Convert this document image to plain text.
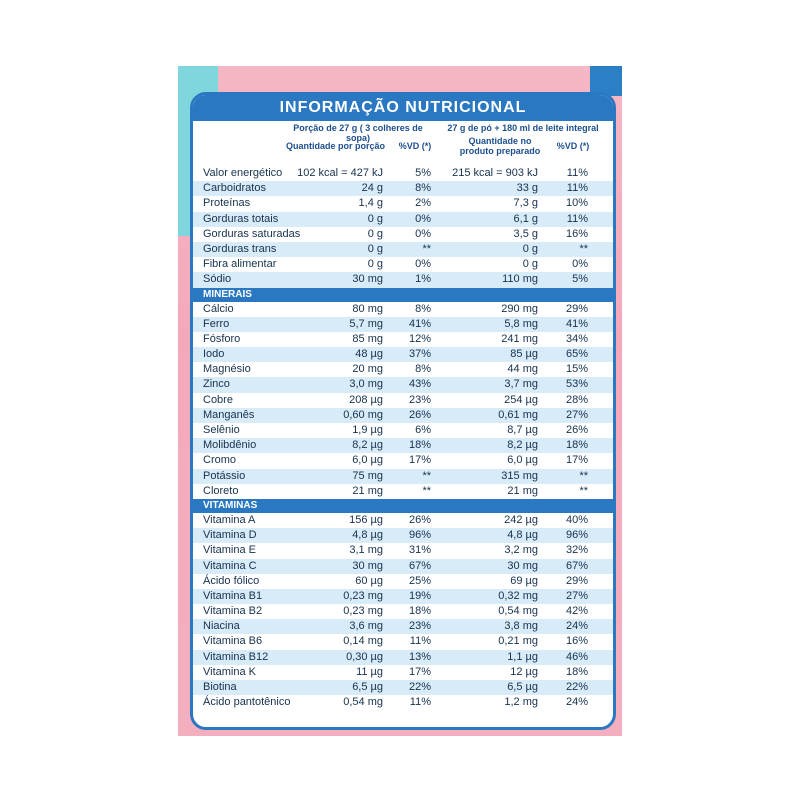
INFORMAÇÃO NUTRICIONAL
Porção de 27 g ( 3 colheres de sopa)
27 g de pó + 180 ml de leite integral
Quantidade por porção	%VD (*)	Quantidade no produto preparado	%VD (*)
Valor energético	102 kcal = 427 kJ	5%	215 kcal = 903 kJ	11%
Carboidratos	24 g	8%	33 g	11%
Proteínas	1,4 g	2%	7,3 g	10%
Gorduras totais	0 g	0%	6,1 g	11%
Gorduras saturadas	0 g	0%	3,5 g	16%
Gorduras trans	0 g	**	0 g	**
Fibra alimentar	0 g	0%	0 g	0%
Sódio	30 mg	1%	110 mg	5%
MINERAIS
Cálcio	80 mg	8%	290 mg	29%
Ferro	5,7 mg	41%	5,8 mg	41%
Fósforo	85 mg	12%	241 mg	34%
Iodo	48 µg	37%	85 µg	65%
Magnésio	20 mg	8%	44 mg	15%
Zinco	3,0 mg	43%	3,7 mg	53%
Cobre	208 µg	23%	254 µg	28%
Manganês	0,60 mg	26%	0,61 mg	27%
Selênio	1,9 µg	6%	8,7 µg	26%
Molibdênio	8,2 µg	18%	8,2 µg	18%
Cromo	6,0 µg	17%	6,0 µg	17%
Potássio	75 mg	**	315 mg	**
Cloreto	21 mg	**	21 mg	**
VITAMINAS
Vitamina A	156 µg	26%	242 µg	40%
Vitamina D	4,8 µg	96%	4,8 µg	96%
Vitamina E	3,1 mg	31%	3,2 mg	32%
Vitamina C	30 mg	67%	30 mg	67%
Ácido fólico	60 µg	25%	69 µg	29%
Vitamina B1	0,23 mg	19%	0,32 mg	27%
Vitamina B2	0,23 mg	18%	0,54 mg	42%
Niacina	3,6 mg	23%	3,8 mg	24%
Vitamina B6	0,14 mg	11%	0,21 mg	16%
Vitamina B12	0,30 µg	13%	1,1 µg	46%
Vitamina K	11 µg	17%	12 µg	18%
Biotina	6,5 µg	22%	6,5 µg	22%
Ácido pantotênico	0,54 mg	11%	1,2 mg	24%
